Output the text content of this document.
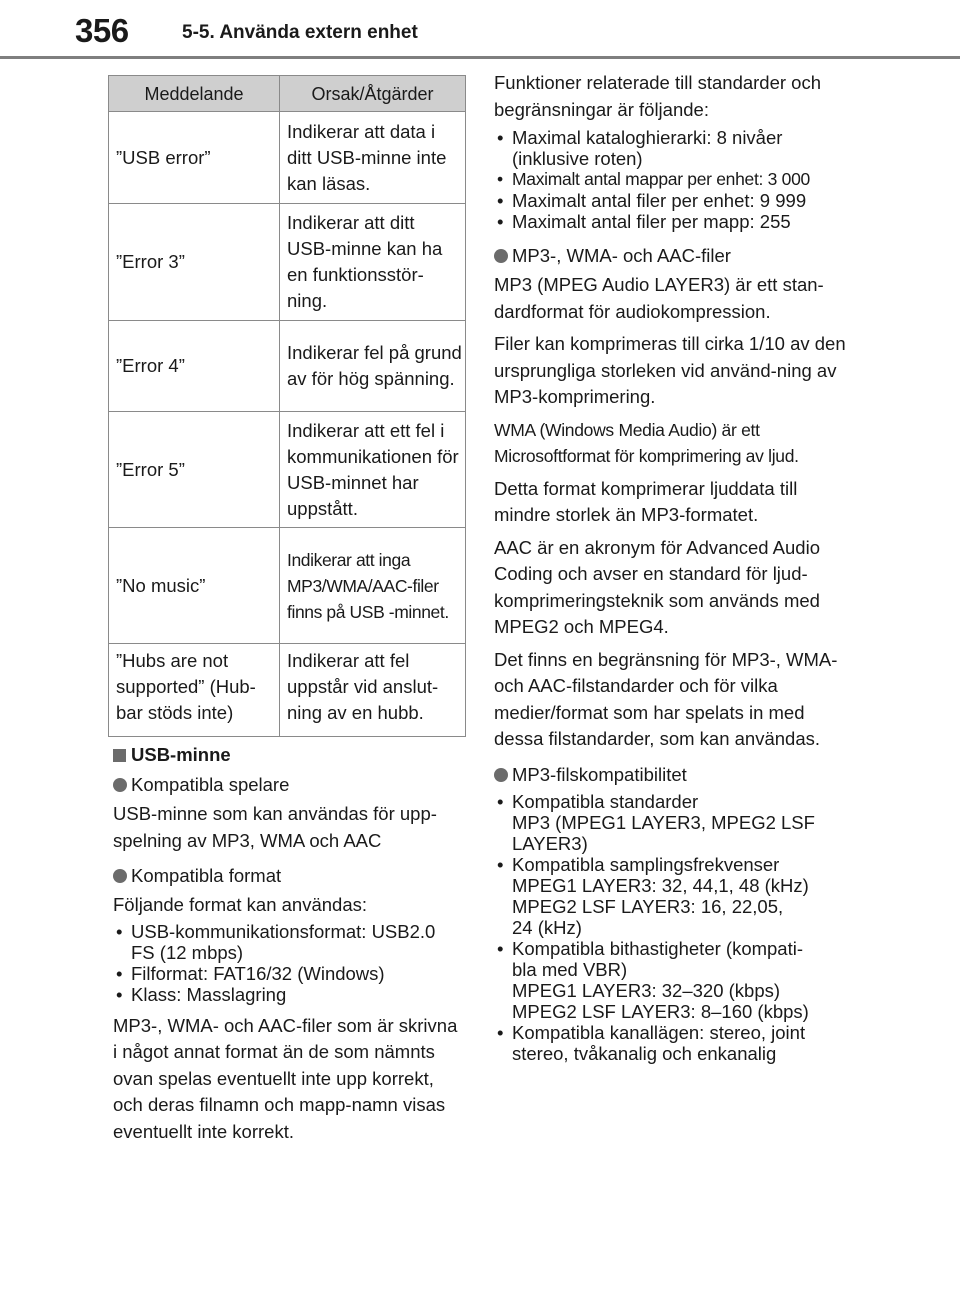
356	5-5. Använda extern enhet
Meddelande	Orsak/Åtgärder
”USB error”	Indikerar att data i ditt USB-minne inte kan läsas.
”Error 3”	Indikerar att ditt USB-minne kan ha en funktionsstör-ning.
”Error 4”	Indikerar fel på grund av för hög spänning.
”Error 5”	Indikerar att ett fel i kommunikationen för USB-minnet har uppstått.
”No music”	Indikerar att inga MP3/WMA/AAC-filer finns på USB -minnet.
”Hubs are not supported” (Hub-bar stöds inte)	Indikerar att fel uppstår vid anslut-ning av en hubb.
USB-minne
Kompatibla spelare

USB-minne som kan användas för upp-spelning av MP3, WMA och AAC

Kompatibla format

Följande format kan användas:

• USB-kommunikationsformat: USB2.0
FS (12 mbps)
• Filformat: FAT16/32 (Windows)
• Klass: Masslagring

MP3-, WMA- och AAC-filer som är skrivna i något annat format än de som nämnts ovan spelas eventuellt inte upp korrekt, och deras filnamn och mapp-namn visas eventuellt inte korrekt.

Funktioner relaterade till standarder och begränsningar är följande:

• Maximal kataloghierarki: 8 nivåer
(inklusive roten)
• Maximalt antal mappar per enhet: 3 000
• Maximalt antal filer per enhet: 9 999
• Maximalt antal filer per mapp: 255
MP3-, WMA- och AAC-filer

MP3 (MPEG Audio LAYER3) är ett stan-dardformat för audiokompression.

Filer kan komprimeras till cirka 1/10 av den ursprungliga storleken vid använd-ning av MP3-komprimering.

WMA (Windows Media Audio) är ett Microsoftformat för komprimering av ljud.

Detta format komprimerar ljuddata till mindre storlek än MP3-formatet.

AAC är en akronym för Advanced Audio Coding och avser en standard för ljud-komprimeringsteknik som används med MPEG2 och MPEG4.

Det finns en begränsning för MP3-, WMA- och AAC-filstandarder och för vilka medier/format som har spelats in med dessa filstandarder, som kan användas.

MP3-filskompatibilitet
• Kompatibla standarder
MP3 (MPEG1 LAYER3, MPEG2 LSF
LAYER3)
• Kompatibla samplingsfrekvenser
MPEG1 LAYER3: 32, 44,1, 48 (kHz)
MPEG2 LSF LAYER3: 16, 22,05,
24 (kHz)
• Kompatibla bithastigheter (kompati-
bla med VBR)
MPEG1 LAYER3: 32–320 (kbps)
MPEG2 LSF LAYER3: 8–160 (kbps)
• Kompatibla kanallägen: stereo, joint
stereo, tvåkanalig och enkanalig
